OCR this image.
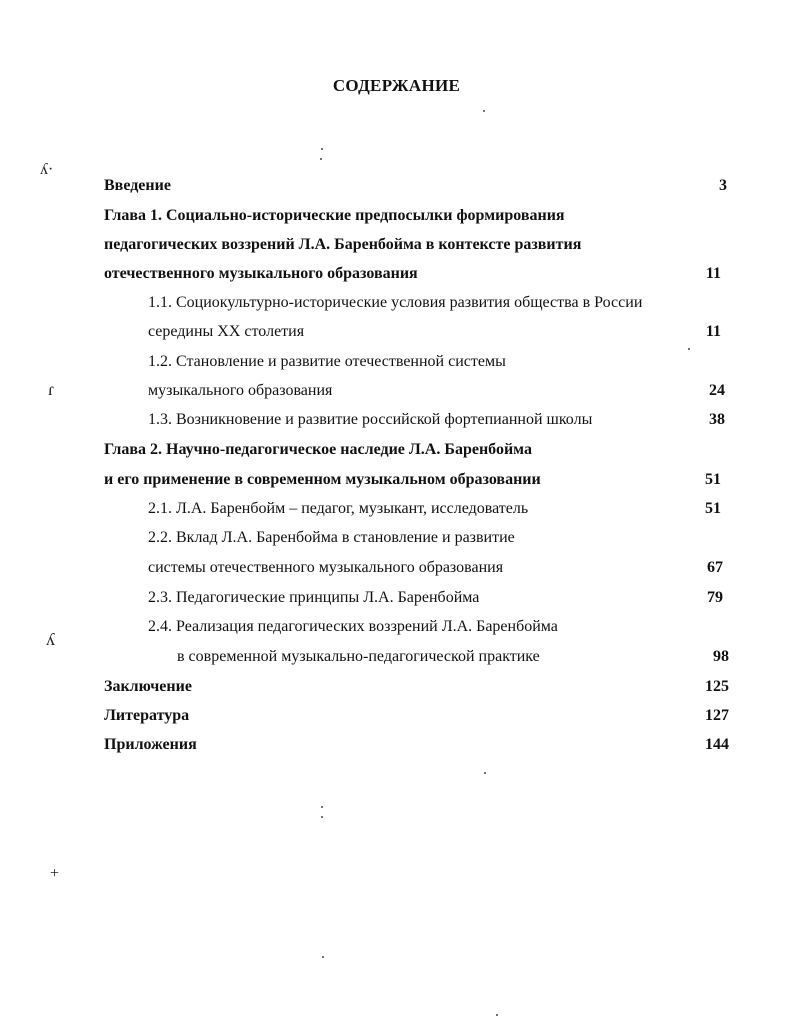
СОДЕРЖАНИЕ
ʎ·
ɾ
ʎ
+
Введение	3
Глава 1. Социально-исторические предпосылки формирования
педагогических воззрений Л.А. Баренбойма в контексте развития
отечественного музыкального образования	11
1.1. Социокультурно-исторические условия развития общества в России
середины XX столетия	11
1.2. Становление и развитие отечественной системы
музыкального образования	24
1.3. Возникновение и развитие российской фортепианной школы	38
Глава 2. Научно-педагогическое наследие Л.А. Баренбойма
и его применение в современном музыкальном образовании	51
2.1. Л.А. Баренбойм – педагог, музыкант, исследователь	51
2.2. Вклад Л.А. Баренбойма в становление и развитие
системы отечественного музыкального образования	67
2.3. Педагогические принципы Л.А. Баренбойма	79
2.4. Реализация педагогических воззрений Л.А. Баренбойма
в современной музыкально-педагогической практике	98
Заключение	125
Литература	127
Приложения	144
